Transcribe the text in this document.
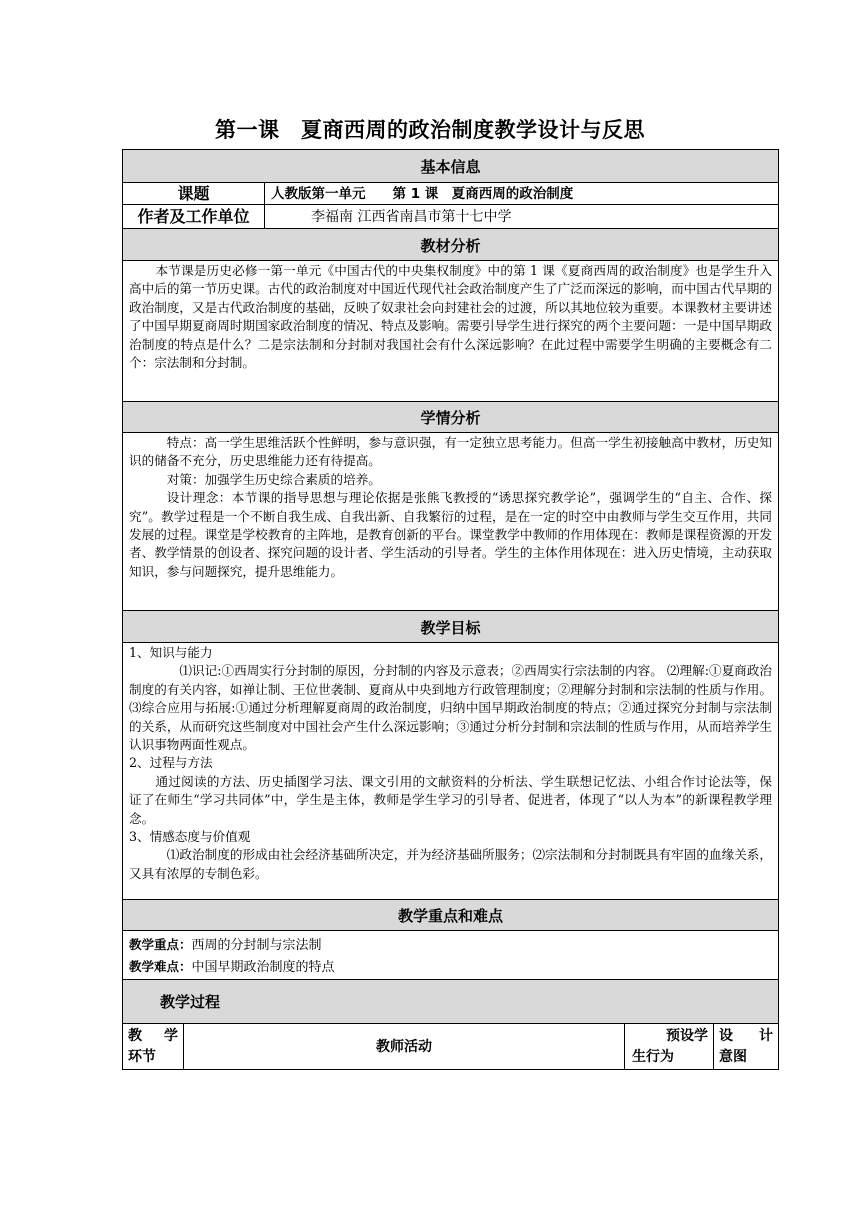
第一课　夏商西周的政治制度教学设计与反思
基本信息
课题	人教版第一单元　　第 1 课　夏商西周的政治制度
作者及工作单位	李福南 江西省南昌市第十七中学
教材分析

本节课是历史必修一第一单元《中国古代的中央集权制度》中的第 1 课《夏商西周的政治制度》也是学生升入高中后的第一节历史课。古代的政治制度对中国近代现代社会政治制度产生了广泛而深远的影响，而中国古代早期的政治制度，又是古代政治制度的基础，反映了奴隶社会向封建社会的过渡，所以其地位较为重要。本课教材主要讲述了中国早期夏商周时期国家政治制度的情况、特点及影响。需要引导学生进行探究的两个主要问题：一是中国早期政治制度的特点是什么？二是宗法制和分封制对我国社会有什么深远影响？在此过程中需要学生明确的主要概念有二个：宗法制和分封制。

学情分析

特点：高一学生思维活跃个性鲜明，参与意识强，有一定独立思考能力。但高一学生初接触高中教材，历史知识的储备不充分，历史思维能力还有待提高。

对策：加强学生历史综合素质的培养。

设计理念：本节课的指导思想与理论依据是张熊飞教授的“诱思探究教学论”，强调学生的“自主、合作、探究”。教学过程是一个不断自我生成、自我出新、自我繁衍的过程，是在一定的时空中由教师与学生交互作用，共同发展的过程。课堂是学校教育的主阵地，是教育创新的平台。课堂教学中教师的作用体现在：教师是课程资源的开发者、教学情景的创设者、探究问题的设计者、学生活动的引导者。学生的主体作用体现在：进入历史情境，主动获取知识，参与问题探究，提升思维能力。

教学目标

1、知识与能力

⑴识记:①西周实行分封制的原因，分封制的内容及示意表；②西周实行宗法制的内容。 ⑵理解:①夏商政治制度的有关内容，如禅让制、王位世袭制、夏商从中央到地方行政管理制度；②理解分封制和宗法制的性质与作用。⑶综合应用与拓展:①通过分析理解夏商周的政治制度，归纳中国早期政治制度的特点；②通过探究分封制与宗法制的关系，从而研究这些制度对中国社会产生什么深远影响；③通过分析分封制和宗法制的性质与作用，从而培养学生认识事物两面性观点。

2、过程与方法

通过阅读的方法、历史插图学习法、课文引用的文献资料的分析法、学生联想记忆法、小组合作讨论法等，保证了在师生“学习共同体”中，学生是主体，教师是学生学习的引导者、促进者，体现了“以人为本”的新课程教学理念。

3、情感态度与价值观

⑴政治制度的形成由社会经济基础所决定，并为经济基础所服务；⑵宗法制和分封制既具有牢固的血缘关系，又具有浓厚的专制色彩。

教学重点和难点

教学重点：西周的分封制与宗法制

教学难点：中国早期政治制度的特点

教学过程
教 学
环节
教师活动
预设学
生行为
设 计
意图
